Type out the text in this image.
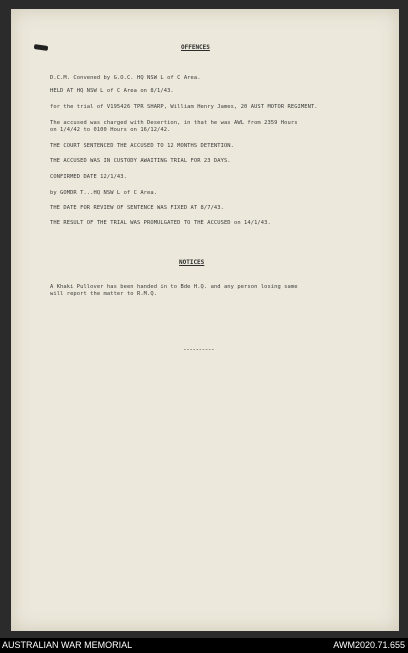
OFFENCES
D.C.M. Convened by G.O.C. HQ NSW L of C Area.
HELD AT HQ NSW L of C Area on 8/1/43.
for the trial of V195426 TPR SHARP, William Henry James, 20 AUST MOTOR REGIMENT.
The accused was charged with Desertion, in that he was AWL from 2359 Hours
on 1/4/42 to 0100 Hours on 16/12/42.
THE COURT SENTENCED THE ACCUSED TO 12 MONTHS DETENTION.
THE ACCUSED WAS IN CUSTODY AWAITING TRIAL FOR 23 DAYS.
CONFIRMED DATE 12/1/43.
by GOMDR T...HQ NSW L of C Area.
THE DATE FOR REVIEW OF SENTENCE WAS FIXED AT 8/7/43.
THE RESULT OF THE TRIAL WAS PROMULGATED TO THE ACCUSED on 14/1/43.
NOTICES
A Khaki Pullover has been handed in to Bde H.Q. and any person losing same
will report the matter to R.M.Q.
----------
AUSTRALIAN WAR MEMORIAL	AWM2020.71.655
